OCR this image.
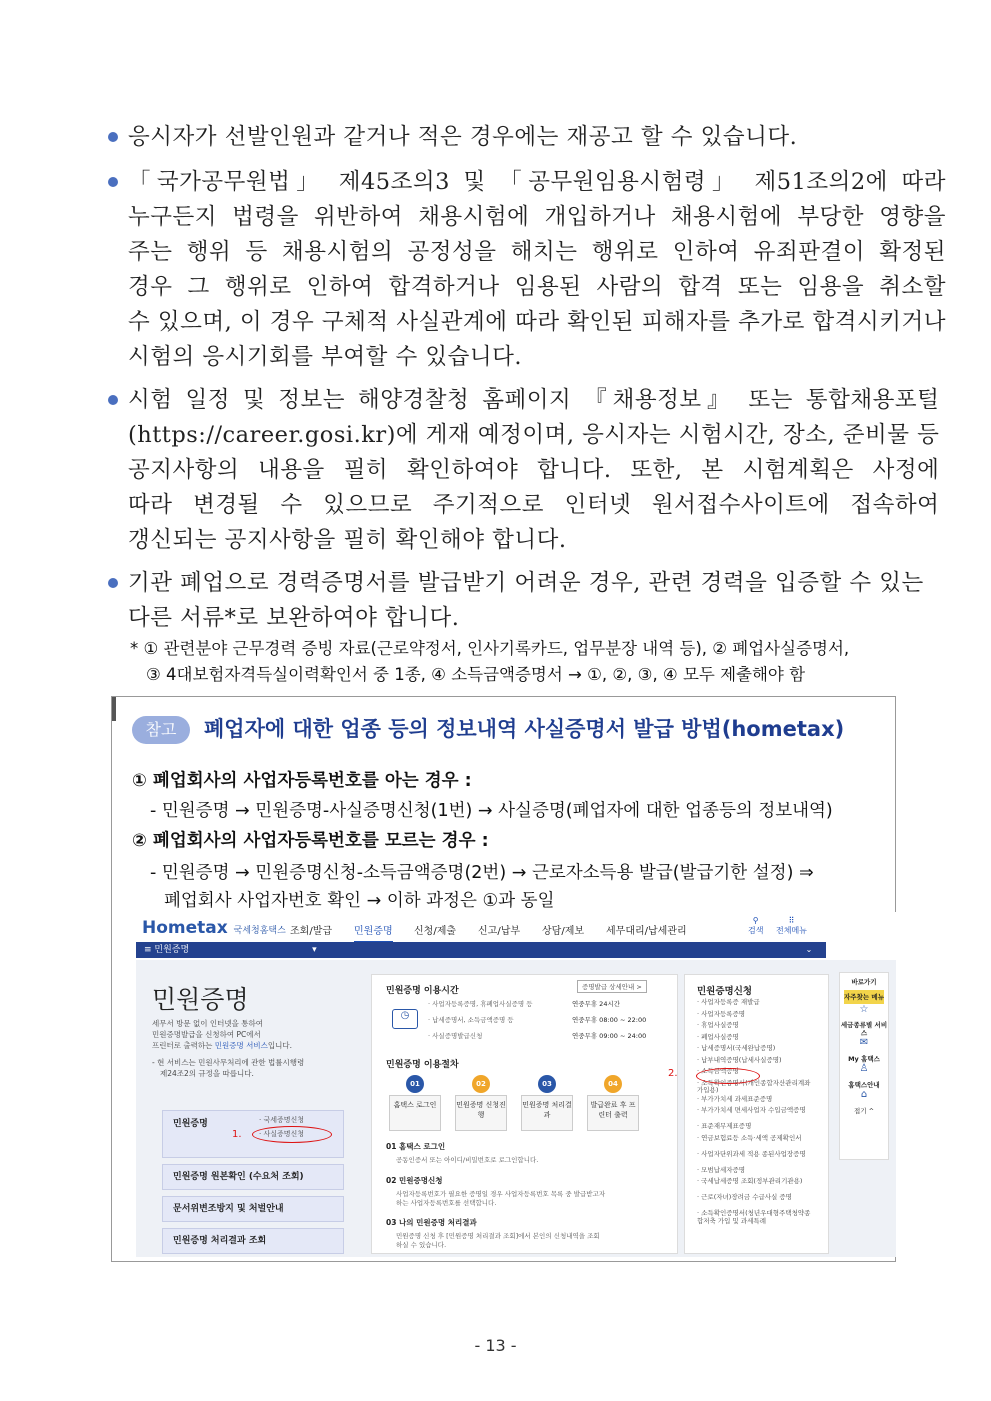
응시자가 선발인원과 같거나 적은 경우에는 재공고 할 수 있습니다.
「국가공무원법」 제45조의3 및 「공무원임용시험령」 제51조의2에 따라
누구든지 법령을 위반하여 채용시험에 개입하거나 채용시험에 부당한 영향을
주는 행위 등 채용시험의 공정성을 해치는 행위로 인하여 유죄판결이 확정된
경우 그 행위로 인하여 합격하거나 임용된 사람의 합격 또는 임용을 취소할
수 있으며, 이 경우 구체적 사실관계에 따라 확인된 피해자를 추가로 합격시키거나
시험의 응시기회를 부여할 수 있습니다.
시험 일정 및 정보는 해양경찰청 홈페이지 『채용정보』 또는 통합채용포털
(https://career.gosi.kr)에 게재 예정이며, 응시자는 시험시간, 장소, 준비물 등
공지사항의 내용을 필히 확인하여야 합니다. 또한, 본 시험계획은 사정에
따라 변경될 수 있으므로 주기적으로 인터넷 원서접수사이트에 접속하여
갱신되는 공지사항을 필히 확인해야 합니다.
기관 폐업으로 경력증명서를 발급받기 어려운 경우, 관련 경력을 입증할 수 있는
다른 서류*로 보완하여야 합니다.
* ① 관련분야 근무경력 증빙 자료(근로약정서, 인사기록카드, 업무분장 내역 등), ② 폐업사실증명서,
③ 4대보험자격득실이력확인서 중 1종, ④ 소득금액증명서 → ①, ②, ③, ④ 모두 제출해야 함
참고	폐업자에 대한 업종 등의 정보내역 사실증명서 발급 방법(hometax)
① 폐업회사의 사업자등록번호를 아는 경우 :
- 민원증명 → 민원증명-사실증명신청(1번) → 사실증명(폐업자에 대한 업종등의 정보내역)
② 폐업회사의 사업자등록번호를 모르는 경우 :
- 민원증명 → 민원증명신청-소득금액증명(2번) → 근로자소득용 발급(발급기한 설정) ⇒
폐업회사 사업자번호 확인 → 이하 과정은 ①과 동일
Hometax 국세청홈택스 조회/발급 민원증명 신청/제출 신고/납부 상담/제보 세무대리/납세관리
⚲
검색
⠿
전체메뉴
≡ 민원증명	▾	⌄
민원증명
세무서 방문 없이 인터넷을 통하여
민원증명발급을 신청하여 PC에서
프린터로 출력하는 민원증명 서비스입니다.
- 현 서비스는 민원사무처리에 관한 법률시행령
제24조2의 규정을 따릅니다.
민원증명	· 국세증명신청
· 사실증명신청
1.
민원증명 원본확인 (수요처 조회)
문서위변조방지 및 처벌안내
민원증명 처리결과 조회
민원증명 이용시간	증명발급 상세안내 >
◷
· 사업자등록증명, 휴폐업사실증명 등	연중무휴 24시간
· 납세증명서, 소득금액증명 등	연중무휴 08:00 ~ 22:00
· 사실증명발급신청	연중무휴 09:00 ~ 24:00
민원증명 이용절차
01	02	03	04
홈택스 로그인	민원증명 신청진행
민원증명 처리결과
발급완료 후 프린터 출력
01 홈택스 로그인
공동인증서 또는 아이디/비밀번호로 로그인합니다.
02 민원증명신청
사업자등록번호가 필요한 증명일 경우 사업자등록번호 목록 중 발급받고자
하는 사업자등록번호를 선택합니다.
03 나의 민원증명 처리결과
민원증명 신청 후 [민원증명 처리결과 조회]에서 본인의 신청내역을 조회
하실 수 있습니다.
민원증명신청
· 사업자등록증 재발급
· 사업자등록증명
· 휴업사실증명
· 폐업사실증명
· 납세증명서(국세완납증명)
· 납부내역증명(납세사실증명)
· 소득금액증명
· 소득확인증명서(개인종합자산관리계좌 가입용)
· 부가가치세 과세표준증명
· 부가가치세 면세사업자 수입금액증명
· 표준재무제표증명
· 연금보험료등 소득·세액 공제확인서
· 사업자단위과세 적용 종된사업장증명
· 모범납세자증명
· 국세납세증명 조회(정부관리기관용)
· 근로(자녀)장려금 수급사실 증명
· 소득확인증명서(청년우대형주택청약종합저축 가입 및 과세특례
2.
바로가기
자주찾는 메뉴
☆
세금종류별 서비스
✉
My 홈택스
♙
홈택스안내
⌂
접기 ^
- 13 -
